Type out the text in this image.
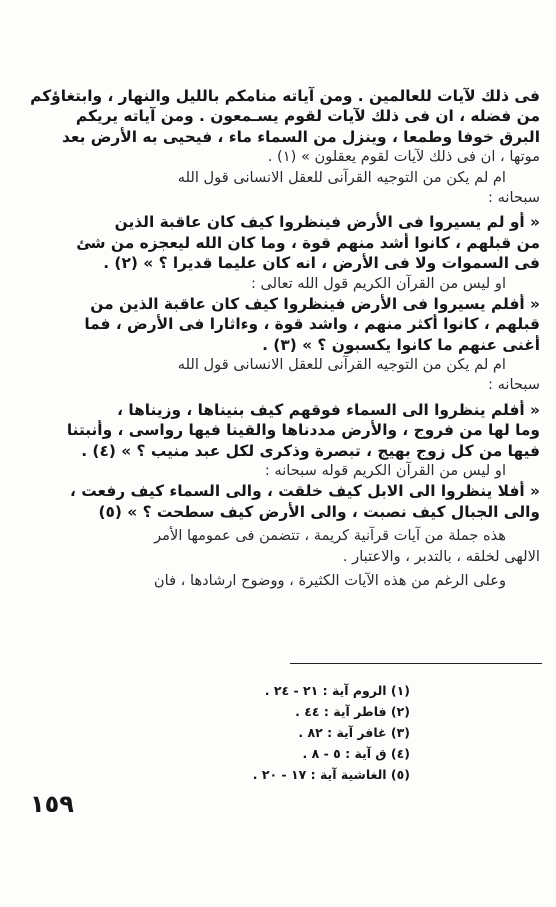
فى ذلك لآيات للعالمين . ومن آياته منامكم بالليل والنهار ، وابتغاؤكم
من فضله ، ان فى ذلك لآيات لقوم يسـمعون . ومن آياته يريكم
البرق خوفا وطمعا ، وينزل من السماء ماء ، فيحيى به الأرض بعد
موتها ، ان فى ذلك لآيات لقوم يعقلون » (١) .
ام لم يكن من التوجيه القرآنى للعقل الانسانى قول الله
سبحانه :
« أو لم يسيروا فى الأرض فينظروا كيف كان عاقبة الذين
من قبلهم ، كانوا أشد منهم قوة ، وما كان الله ليعجزه من شئ
فى السموات ولا فى الأرض ، انه كان عليما قديرا ؟ » (٢) .
او ليس من القرآن الكريم قول الله تعالى :
« أفلم يسيروا فى الأرض فينظروا كيف كان عاقبة الذين من
قبلهم ، كانوا أكثر منهم ، واشد قوة ، وءاثارا فى الأرض ، فما
أغنى عنهم ما كانوا يكسبون ؟ » (٣) .
ام لم يكن من التوجيه القرآنى للعقل الانسانى قول الله
سبحانه :
« أفلم ينظروا الى السماء فوقهم كيف بنيناها ، وزيناها ،
وما لها من فروج ، والأرض مددناها والقينا فيها رواسى ، وأنبتنا
فيها من كل زوج بهيج ، تبصرة وذكرى لكل عبد منيب ؟ » (٤) .
او ليس من القرآن الكريم قوله سبحانه :
« أفلا ينظروا الى الابل كيف خلقت ، والى السماء كيف رفعت ،
والى الجبال كيف نصبت ، والى الأرض كيف سطحت ؟ » (٥)
هذه جملة من آيات قرآنية كريمة ، تتضمن فى عمومها الأمر
الالهى لخلقه ، بالتدبر ، والاعتبار .
وعلى الرغم من هذه الآيات الكثيرة ، ووضوح ارشادها ، فان
(١) الروم آية : ٢١ - ٢٤ .
(٢) فاطر آية : ٤٤ .
(٣) غافر آية : ٨٢ .
(٤) ق آية : ٥ - ٨ .
(٥) الغاشية آية : ١٧ - ٢٠ .
١٥٩
